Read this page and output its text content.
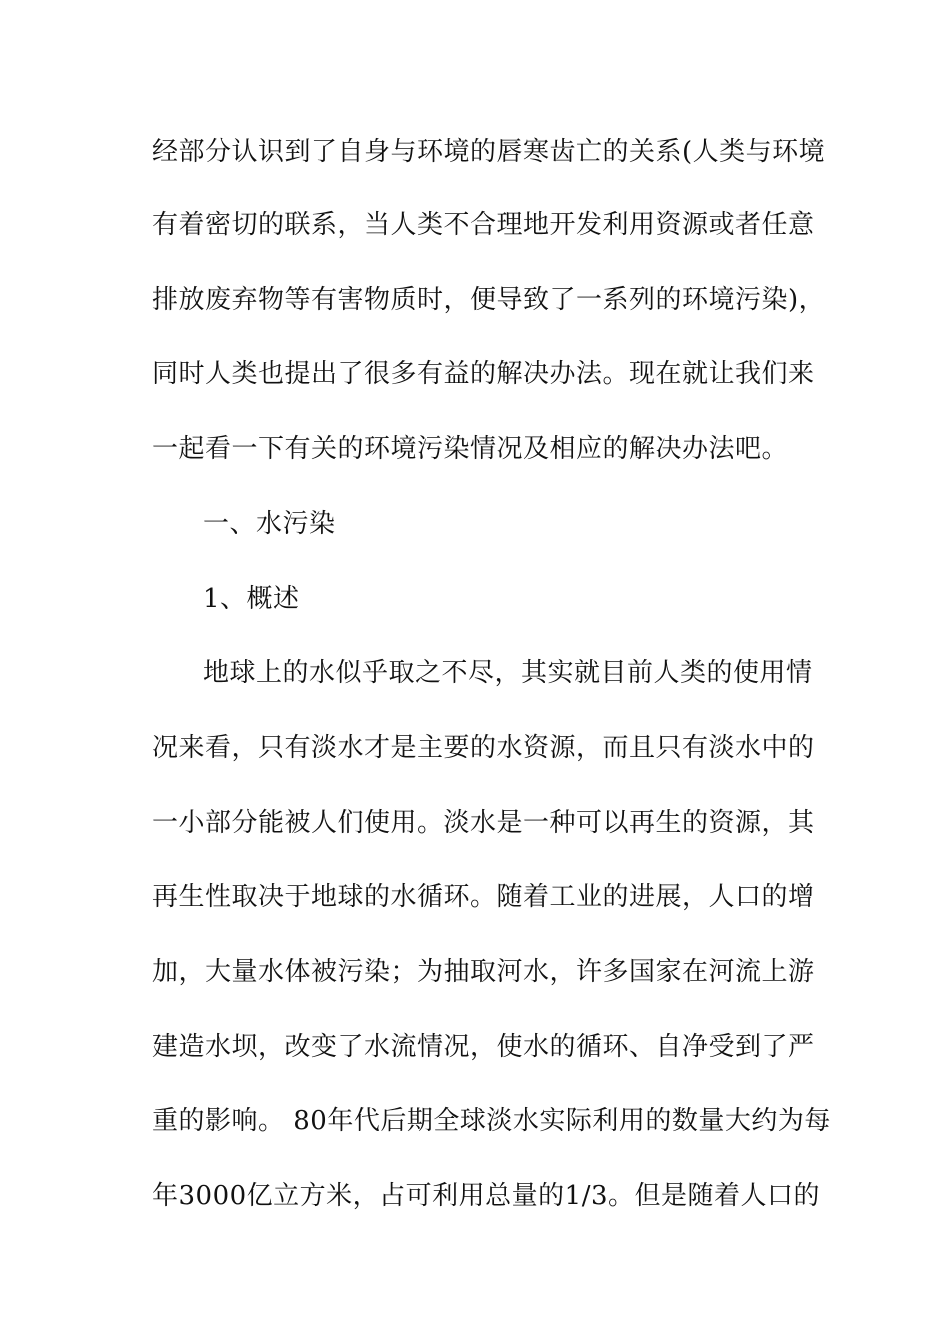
经部分认识到了自身与环境的唇寒齿亡的关系(人类与环境
有着密切的联系，当人类不合理地开发利用资源或者任意
排放废弃物等有害物质时，便导致了一系列的环境污染)，
同时人类也提出了很多有益的解决办法。现在就让我们来
一起看一下有关的环境污染情况及相应的解决办法吧。
一、水污染
1、概述
地球上的水似乎取之不尽，其实就目前人类的使用情
况来看，只有淡水才是主要的水资源，而且只有淡水中的
一小部分能被人们使用。淡水是一种可以再生的资源，其
再生性取决于地球的水循环。随着工业的进展，人口的增
加，大量水体被污染；为抽取河水，许多国家在河流上游
建造水坝，改变了水流情况，使水的循环、自净受到了严
重的影响。 80年代后期全球淡水实际利用的数量大约为每
年3000亿立方米，占可利用总量的1/3。但是随着人口的
